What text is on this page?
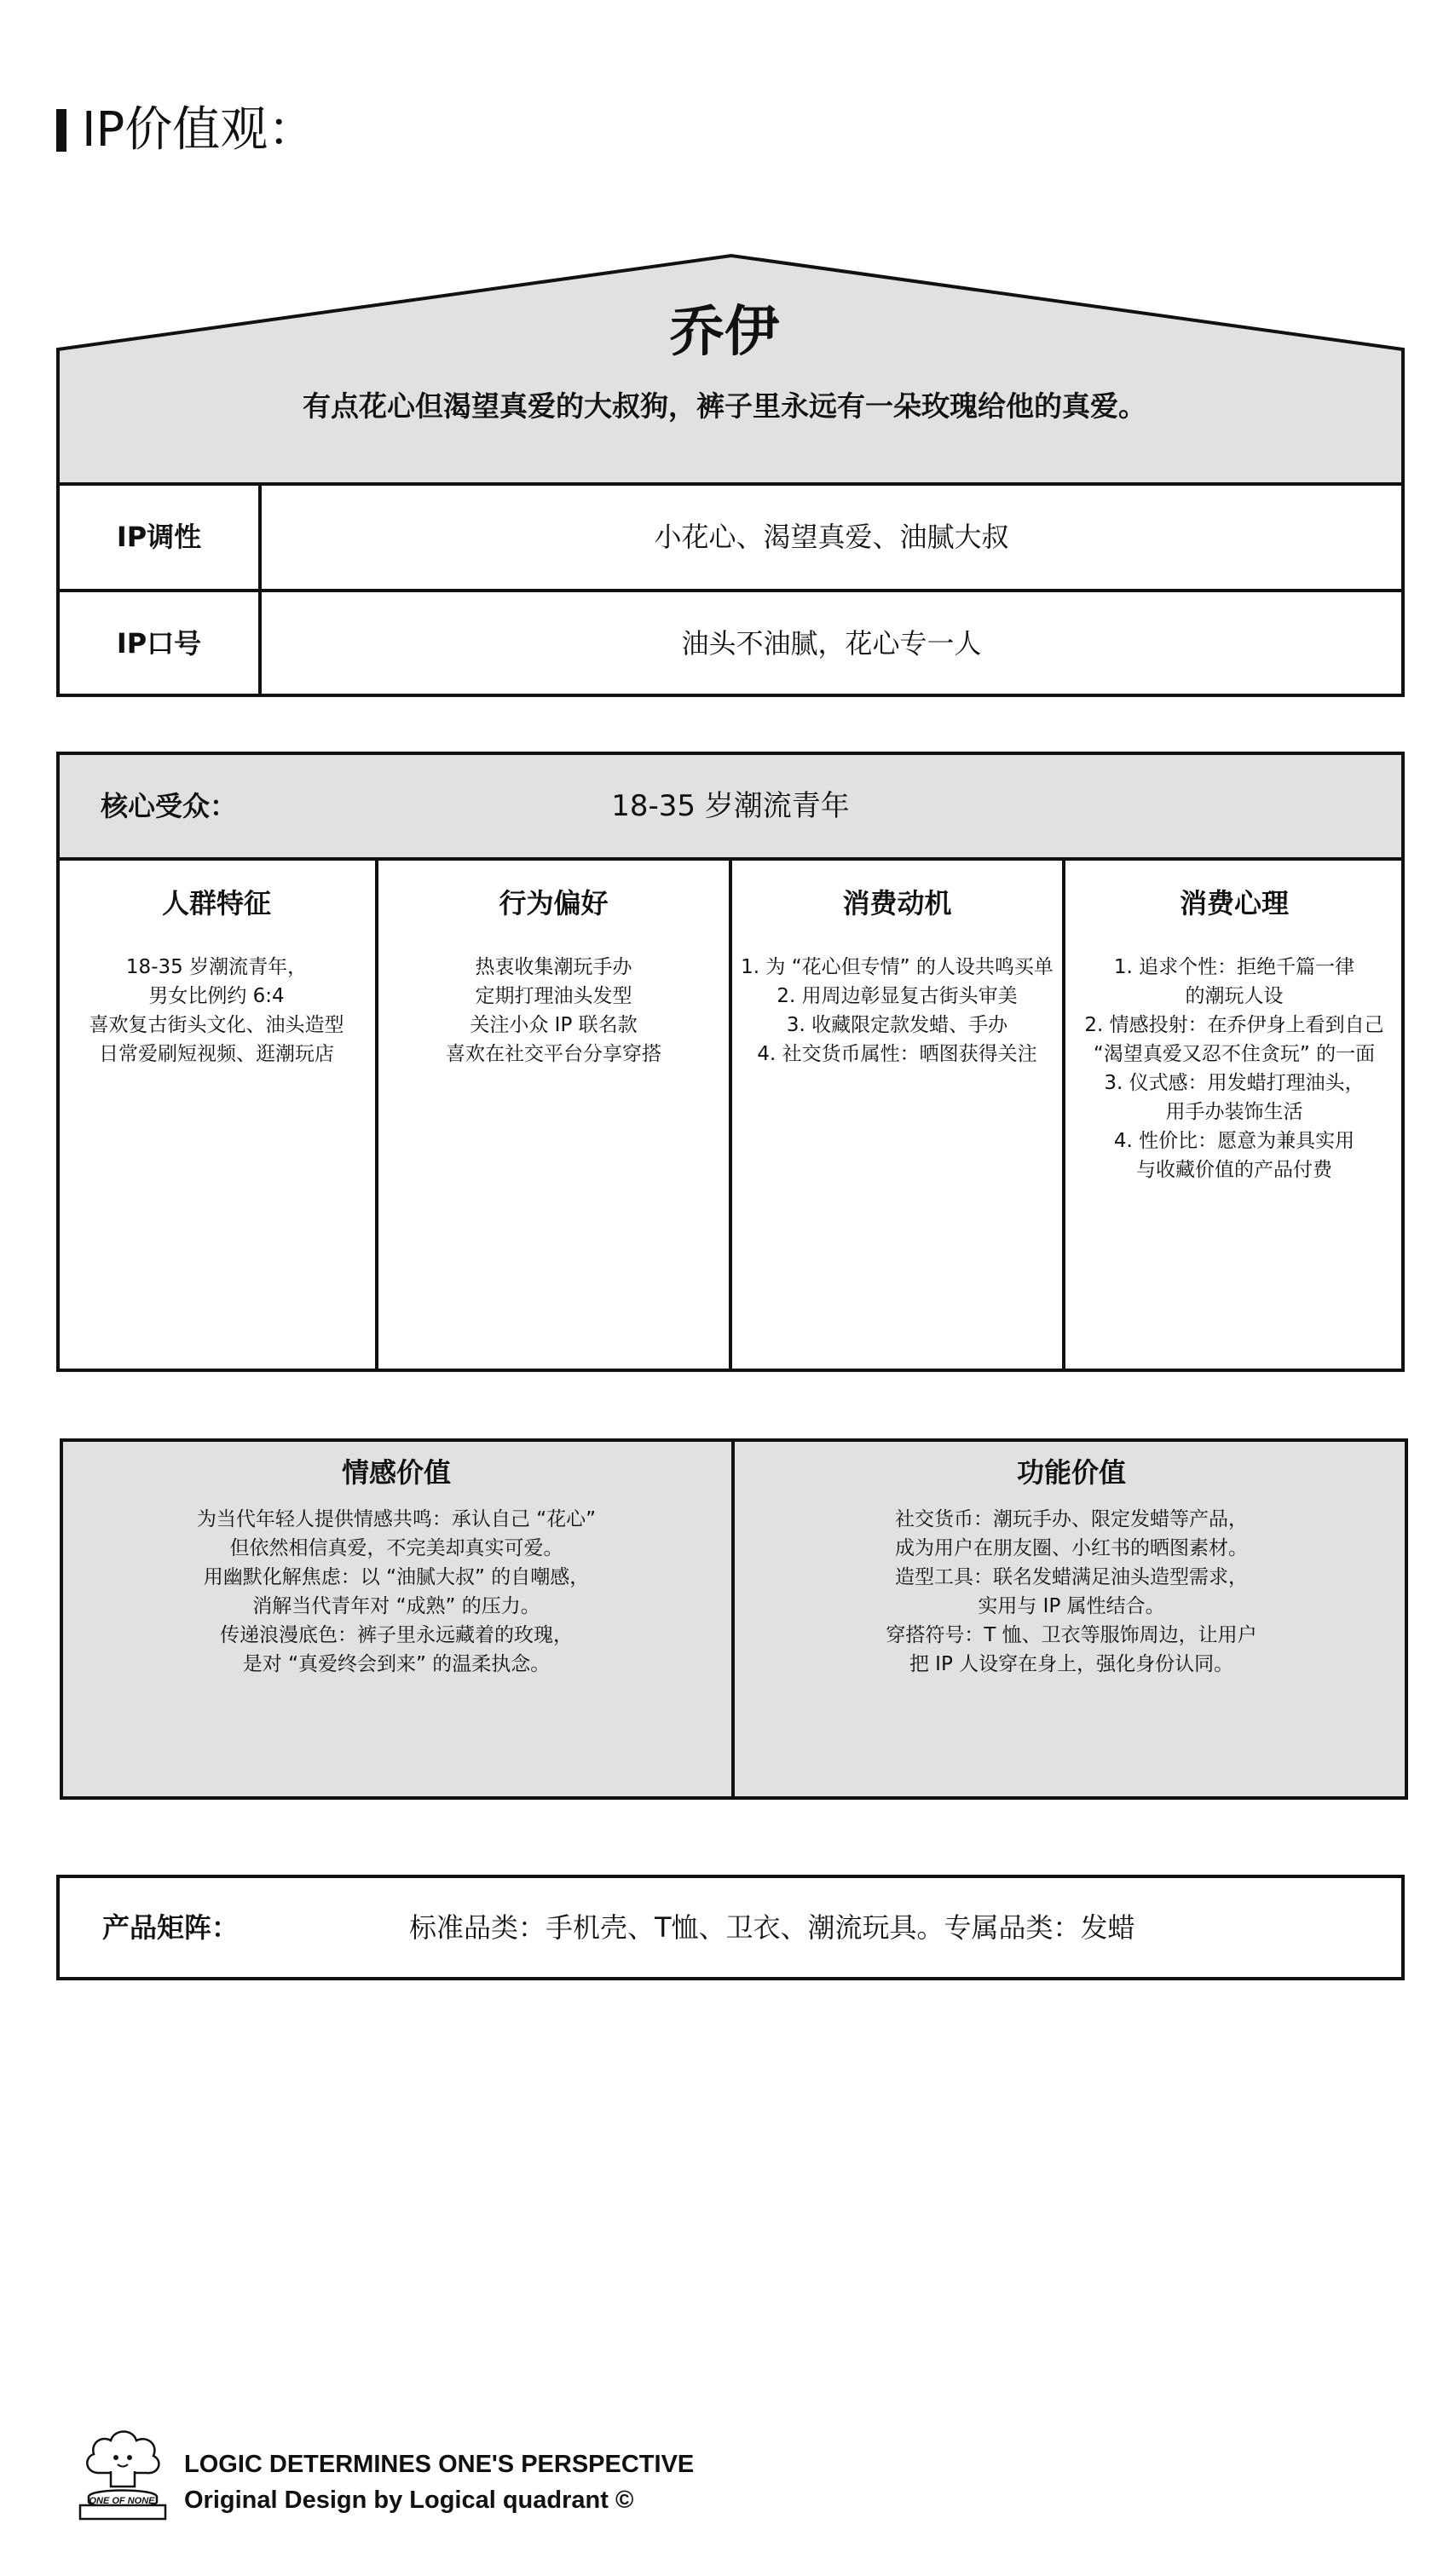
IP价值观：
乔伊
有点花心但渴望真爱的大叔狗，裤子里永远有一朵玫瑰给他的真爱。
IP调性	小花心、渴望真爱、油腻大叔
IP口号	油头不油腻，花心专一人
核心受众：	18-35 岁潮流青年
人群特征
18-35 岁潮流青年，
男女比例约 6:4
喜欢复古街头文化、油头造型
日常爱刷短视频、逛潮玩店
行为偏好
热衷收集潮玩手办
定期打理油头发型
关注小众 IP 联名款
喜欢在社交平台分享穿搭
消费动机
1. 为 “花心但专情” 的人设共鸣买单
2. 用周边彰显复古街头审美
3. 收藏限定款发蜡、手办
4. 社交货币属性：晒图获得关注
消费心理
1. 追求个性：拒绝千篇一律
的潮玩人设
2. 情感投射：在乔伊身上看到自己
“渴望真爱又忍不住贪玩” 的一面
3. 仪式感：用发蜡打理油头，
用手办装饰生活
4. 性价比：愿意为兼具实用
与收藏价值的产品付费
情感价值
为当代年轻人提供情感共鸣：承认自己 “花心”
但依然相信真爱，不完美却真实可爱。
用幽默化解焦虑：以 “油腻大叔” 的自嘲感，
消解当代青年对 “成熟” 的压力。
传递浪漫底色：裤子里永远藏着的玫瑰，
是对 “真爱终会到来” 的温柔执念。
功能价值
社交货币：潮玩手办、限定发蜡等产品，
成为用户在朋友圈、小红书的晒图素材。
造型工具：联名发蜡满足油头造型需求，
实用与 IP 属性结合。
穿搭符号：T 恤、卫衣等服饰周边，让用户
把 IP 人设穿在身上，强化身份认同。
产品矩阵：	标准品类：手机壳、T恤、卫衣、潮流玩具。专属品类：发蜡
ONE OF NONE
LOGIC DETERMINES ONE'S PERSPECTIVE
Original Design by Logical quadrant ©
